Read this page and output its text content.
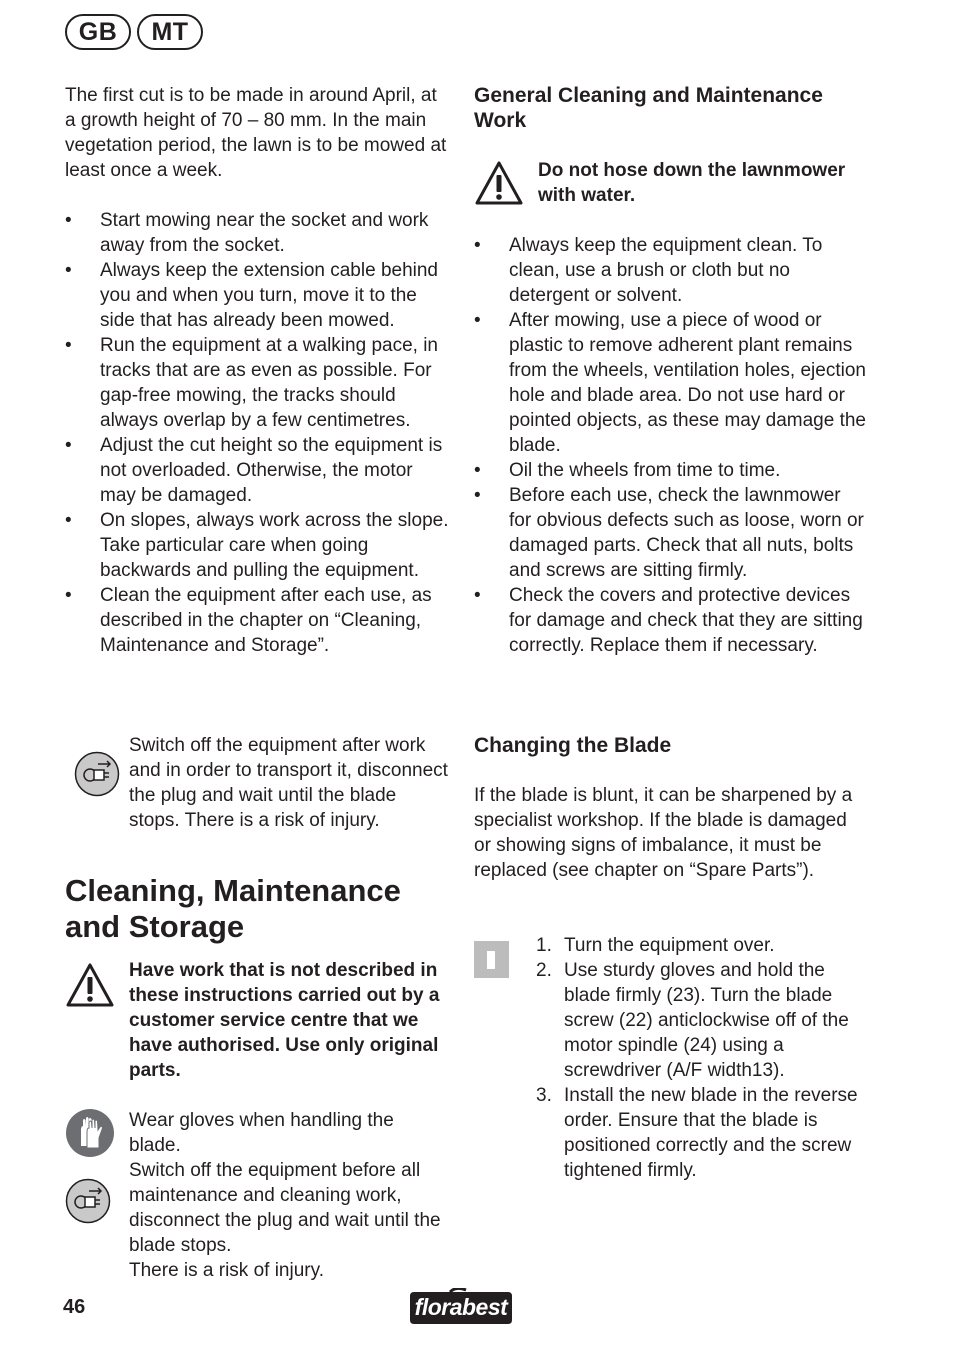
GB	MT

The first cut is to be made in around April, at a growth height of 70 – 80 mm. In the main vegetation period, the lawn is to be mowed at least once a week.

• Start mowing near the socket and work away from the socket.
• Always keep the extension cable behind you and when you turn, move it to the side that has already been mowed.
• Run the equipment at a walking pace, in tracks that are as even as possible. For gap-free mowing, the tracks should always overlap by a few centimetres.
• Adjust the cut height so the equipment is not overloaded. Otherwise, the motor may be damaged.
• On slopes, always work across the slope. Take particular care when going backwards and pulling the equipment.
• Clean the equipment after each use, as described in the chapter on “Cleaning, Maintenance and Storage”.

Switch off the equipment after work and in order to transport it, disconnect the plug and wait until the blade stops. There is a risk of injury.

Cleaning, Maintenance and Storage

Have work that is not described in these instructions carried out by a customer service centre that we have authorised. Use only original parts.

Wear gloves when handling the blade.

Switch off the equipment before all maintenance and cleaning work, disconnect the plug and wait until the blade stops.

There is a risk of injury.

General Cleaning and Maintenance Work

Do not hose down the lawnmower with water.

• Always keep the equipment clean. To clean, use a brush or cloth but no detergent or solvent.
• After mowing, use a piece of wood or plastic to remove adherent plant remains from the wheels, ventilation holes, ejection hole and blade area. Do not use hard or pointed objects, as these may damage the blade.
• Oil the wheels from time to time.
• Before each use, check the lawnmower for obvious defects such as loose, worn or damaged parts. Check that all nuts, bolts and screws are sitting firmly.
• Check the covers and protective devices for damage and check that they are sitting correctly. Replace them if necessary.
Changing the Blade

If the blade is blunt, it can be sharpened by a specialist workshop. If the blade is damaged or showing signs of imbalance, it must be replaced (see chapter on “Spare Parts”).

1. Turn the equipment over.
2. Use sturdy gloves and hold the blade firmly (23). Turn the blade screw (22) anticlockwise off of the motor spindle (24) using a screwdriver (A/F width13).
3. Install the new blade in the reverse order. Ensure that the blade is positioned correctly and the screw tightened firmly.
46	florabest
